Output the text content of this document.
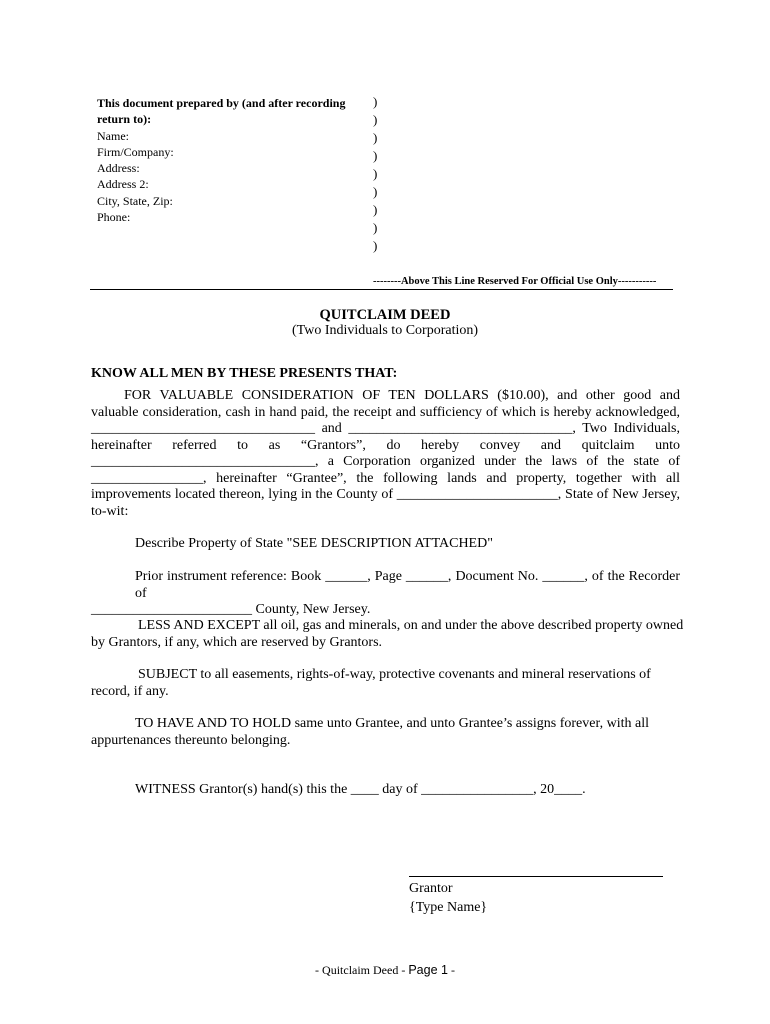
This document prepared by (and after recording
return to):
Name:
Firm/Company:
Address:
Address 2:
City, State, Zip:
Phone:
)
)
)
)
)
)
)
)
)
--------Above This Line Reserved For Official Use Only-----------
QUITCLAIM DEED
(Two Individuals to Corporation)
KNOW ALL MEN BY THESE PRESENTS THAT:
FOR VALUABLE CONSIDERATION OF TEN DOLLARS ($10.00), and other good and
valuable consideration, cash in hand paid, the receipt and sufficiency of which is hereby acknowledged,
________________________________ and ________________________________, Two Individuals,
hereinafter referred to as “Grantors”, do hereby convey and quitclaim unto
________________________________, a Corporation organized under the laws of the state of
________________, hereinafter “Grantee”, the following lands and property, together with all
improvements located thereon, lying in the County of _______________________, State of New Jersey,
to-wit:
Describe Property of State "SEE DESCRIPTION ATTACHED"
Prior instrument reference: Book ______, Page ______, Document No. ______, of the Recorder of
_______________________ County, New Jersey.
LESS AND EXCEPT all oil, gas and minerals, on and under the above described property owned
by Grantors, if any, which are reserved by Grantors.
SUBJECT to all easements, rights-of-way, protective covenants and mineral reservations of
record, if any.
TO HAVE AND TO HOLD same unto Grantee, and unto Grantee’s assigns forever, with all
appurtenances thereunto belonging.
WITNESS Grantor(s) hand(s) this the ____ day of ________________, 20____.
Grantor
{Type Name}
- Quitclaim Deed - Page 1 -
